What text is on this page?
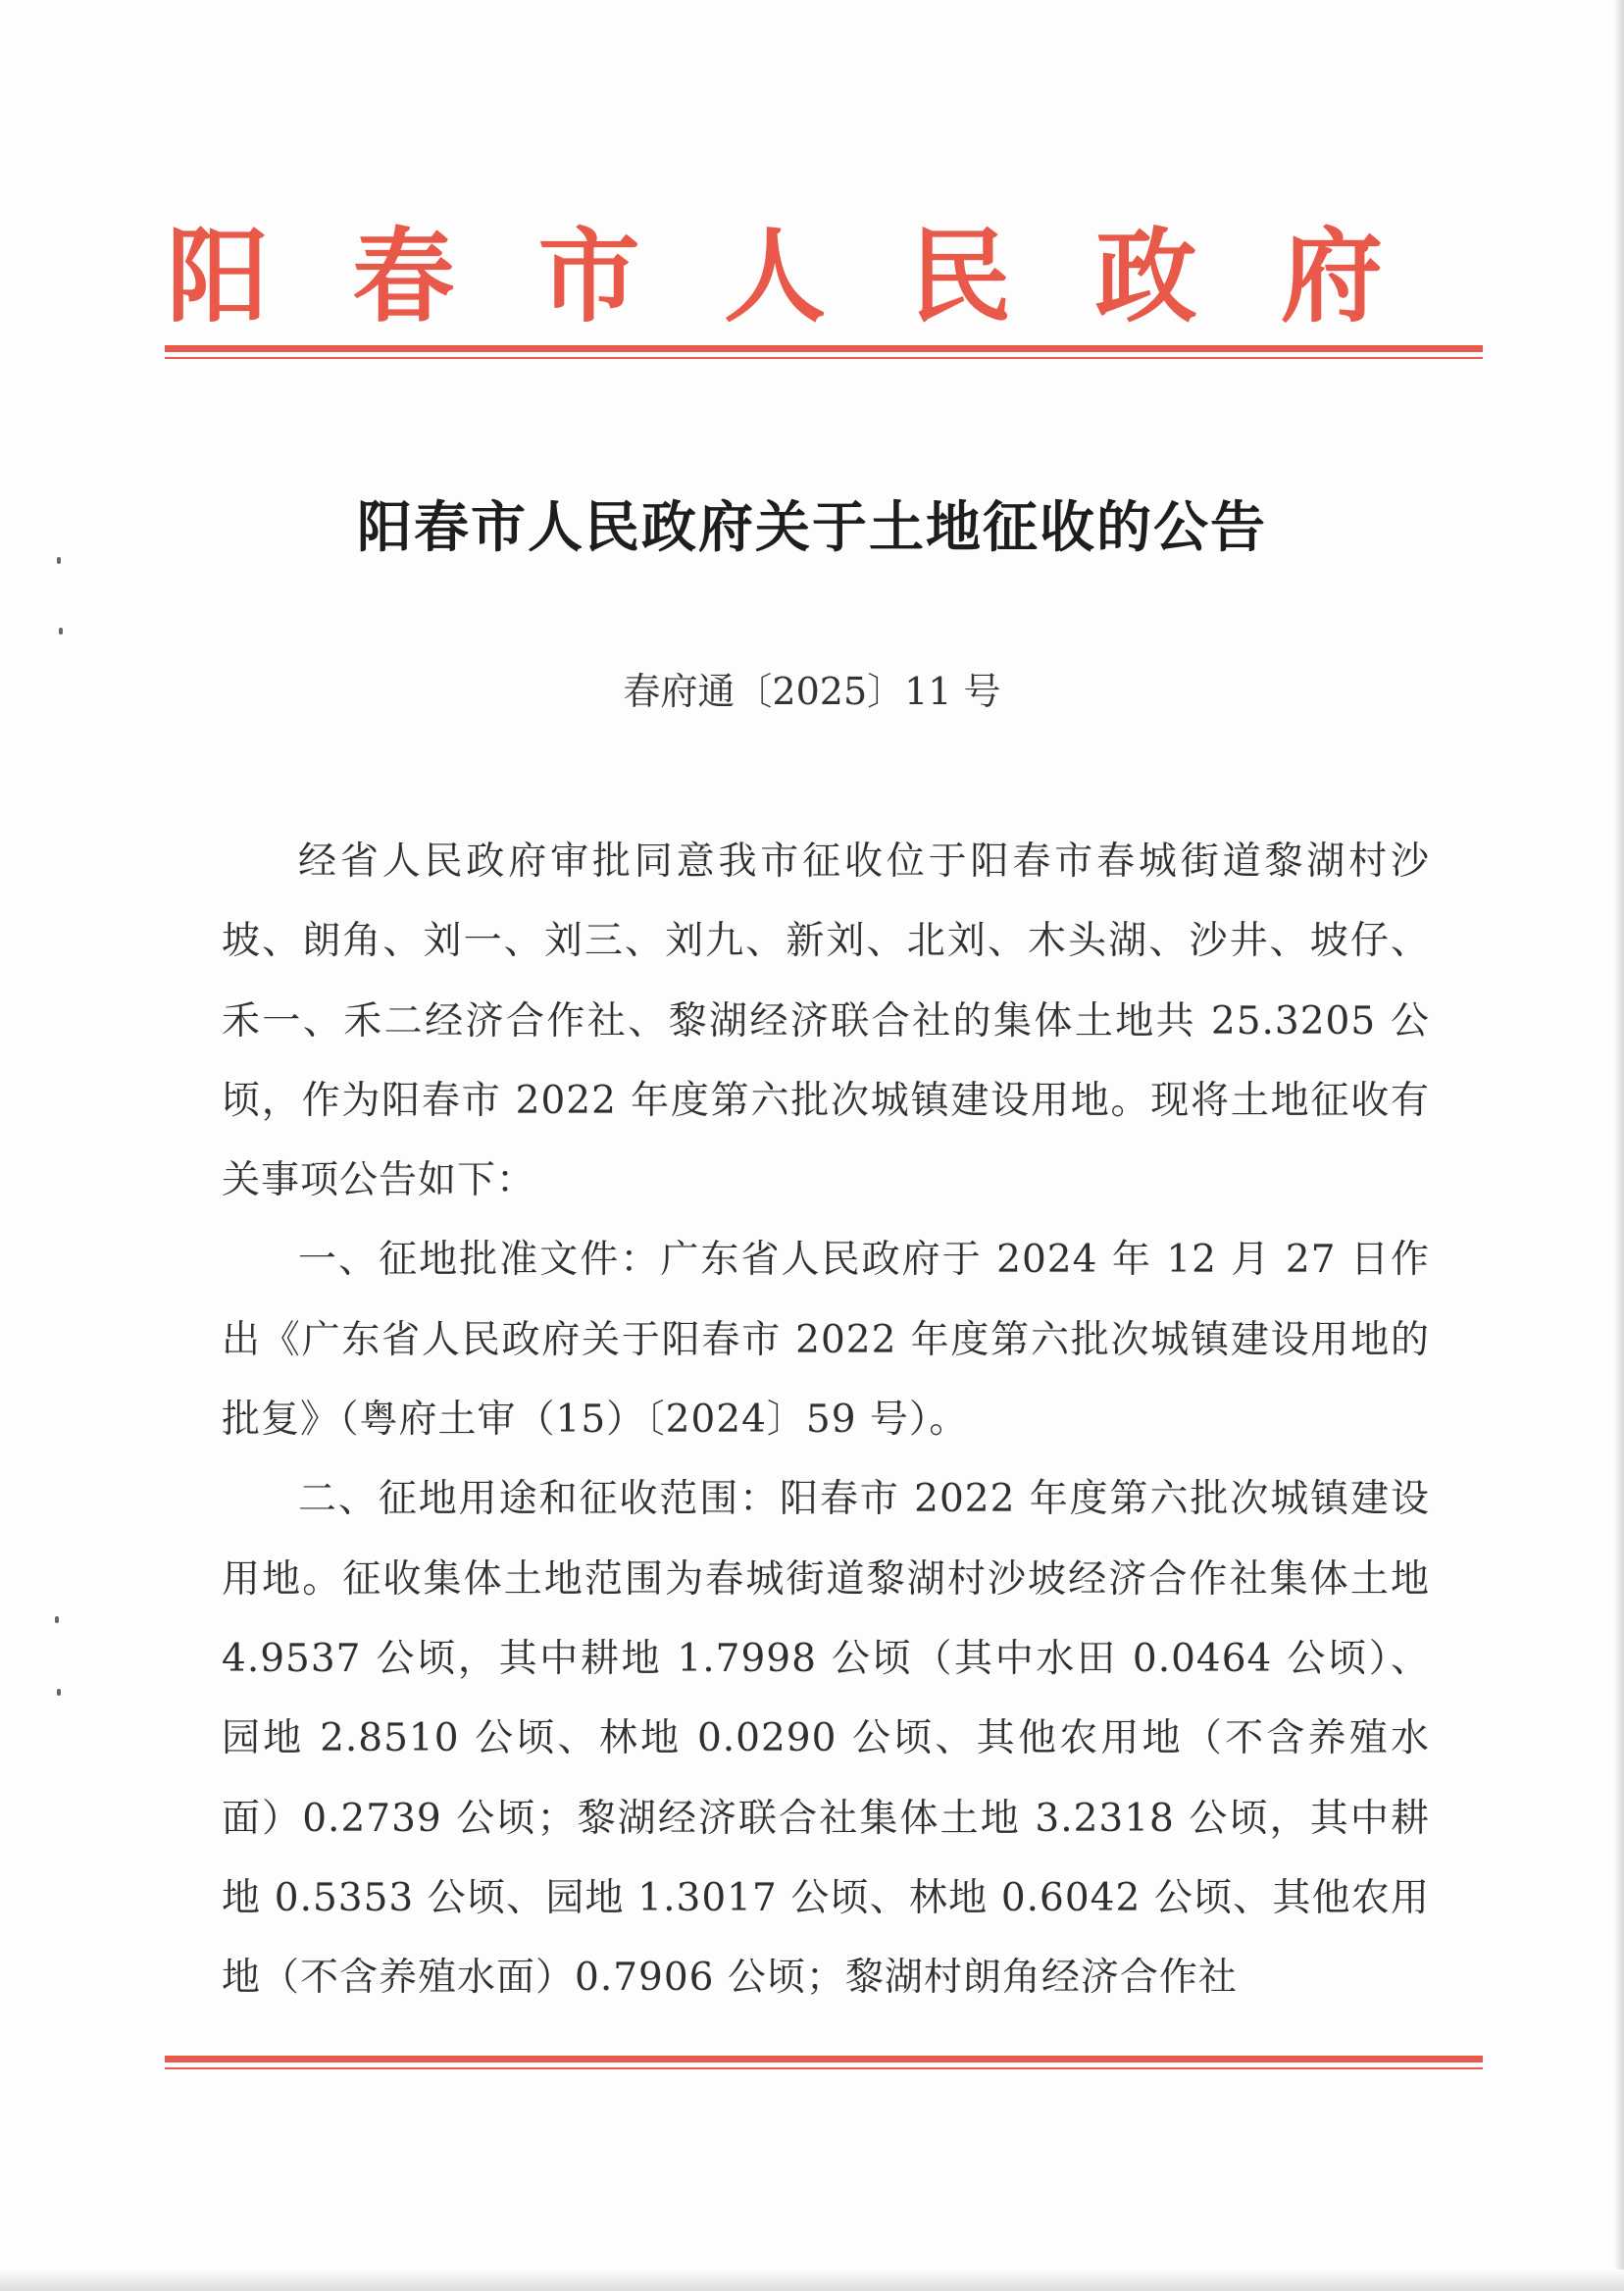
阳 春 市 人 民 政 府
阳春市人民政府关于土地征收的公告
春府通〔2025〕11 号

经省人民政府审批同意我市征收位于阳春市春城街道黎湖村沙坡、朗角、刘一、刘三、刘九、新刘、北刘、木头湖、沙井、坡仔、禾一、禾二经济合作社、黎湖经济联合社的集体土地共 25.3205 公顷，作为阳春市 2022 年度第六批次城镇建设用地。现将土地征收有关事项公告如下：

一、征地批准文件：广东省人民政府于 2024 年 12 月 27 日作出《广东省人民政府关于阳春市 2022 年度第六批次城镇建设用地的批复》（粤府土审（15）〔2024〕59 号）。

二、征地用途和征收范围：阳春市 2022 年度第六批次城镇建设用地。征收集体土地范围为春城街道黎湖村沙坡经济合作社集体土地 4.9537 公顷，其中耕地 1.7998 公顷（其中水田 0.0464 公顷）、园地 2.8510 公顷、林地 0.0290 公顷、其他农用地（不含养殖水面）0.2739 公顷；黎湖经济联合社集体土地 3.2318 公顷，其中耕地 0.5353 公顷、园地 1.3017 公顷、林地 0.6042 公顷、其他农用地（不含养殖水面）0.7906 公顷；黎湖村朗角经济合作社
